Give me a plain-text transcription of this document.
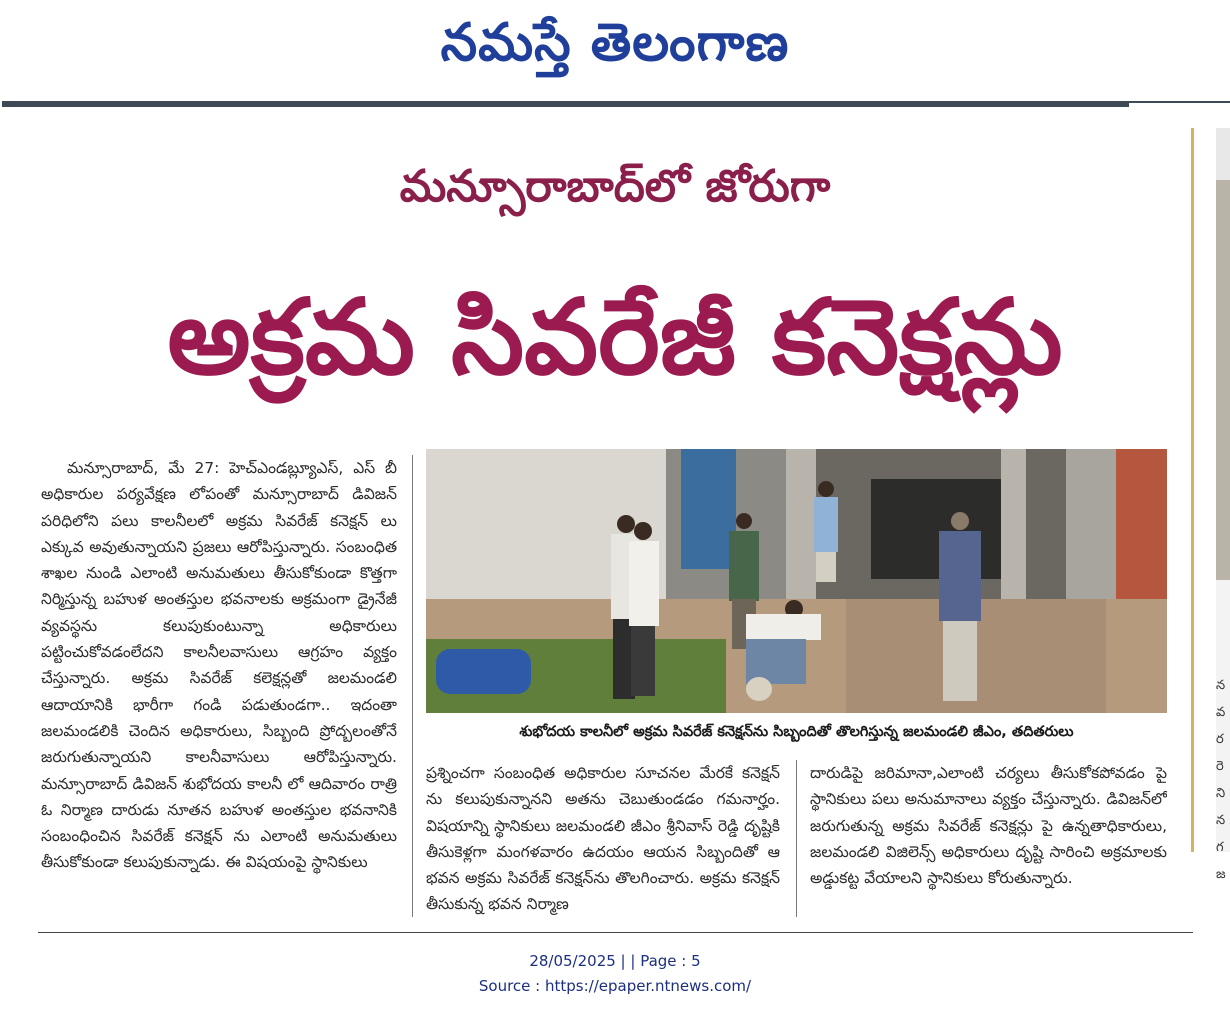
నమస్తే తెలంగాణ
న
వ
ర
రె
ని
న
గ
జ
మన్సూరాబాద్‌లో జోరుగా
అక్రమ సివరేజీ కనెక్షన్లు
మన్సూరాబాద్, మే 27: హెచ్ఎండబ్ల్యూఎస్, ఎస్ బీ అధికారుల పర్యవేక్షణ లోపంతో మన్సూరాబాద్ డివిజన్ పరిధిలోని పలు కాలనీలలో అక్రమ సివరేజ్ కనెక్షన్ లు ఎక్కువ అవుతున్నాయని ప్రజలు ఆరోపిస్తున్నారు. సంబంధిత శాఖల నుండి ఎలాంటి అనుమతులు తీసుకోకుండా కొత్తగా నిర్మిస్తున్న బహుళ అంతస్తుల భవనాలకు అక్రమంగా డ్రైనేజీ వ్యవస్థను కలుపుకుంటున్నా అధికారులు పట్టించుకోవడంలేదని కాలనీలవాసులు ఆగ్రహం వ్యక్తం చేస్తున్నారు. అక్రమ సివరేజ్ కలెక్షన్లతో జలమండలి ఆదాయానికి భారీగా గండి పడుతుండగా.. ఇదంతా జలమండలికి చెందిన అధికారులు, సిబ్బంది ప్రోద్బలంతోనే జరుగుతున్నాయని కాలనీవాసులు ఆరోపిస్తున్నారు. మన్సూరాబాద్ డివిజన్ శుభోదయ కాలనీ లో ఆదివారం రాత్రి ఓ నిర్మాణ దారుడు నూతన బహుళ అంతస్తుల భవనానికి సంబంధించిన సివరేజ్ కనెక్షన్ ను ఎలాంటి అనుమతులు తీసుకోకుండా కలుపుకున్నాడు. ఈ విషయంపై స్థానికులు
శుభోదయ కాలనీలో అక్రమ సివరేజ్ కనెక్షన్‌ను సిబ్బందితో తొలగిస్తున్న జలమండలి జీఎం, తదితరులు
ప్రశ్నించగా సంబంధిత అధికారుల సూచనల మేరకే కనెక్షన్ ను కలుపుకున్నానని అతను చెబుతుండడం గమనార్హం. విషయాన్ని స్థానికులు జలమండలి జీఎం శ్రీనివాస్ రెడ్డి దృష్టికి తీసుకెళ్లగా మంగళవారం ఉదయం ఆయన సిబ్బందితో ఆ భవన అక్రమ సివరేజ్ కనెక్షన్‌ను తొలగించారు. అక్రమ కనెక్షన్ తీసుకున్న భవన నిర్మాణ
దారుడిపై జరిమానా,ఎలాంటి చర్యలు తీసుకోకపోవడం పై స్థానికులు పలు అనుమానాలు వ్యక్తం చేస్తున్నారు. డివిజన్‌లో జరుగుతున్న అక్రమ సివరేజ్ కనెక్షన్లు పై ఉన్నతాధికారులు, జలమండలి విజిలెన్స్ అధికారులు దృష్టి సారించి అక్రమాలకు అడ్డుకట్ట వేయాలని స్థానికులు కోరుతున్నారు.
28/05/2025 | | Page : 5
Source : https://epaper.ntnews.com/
